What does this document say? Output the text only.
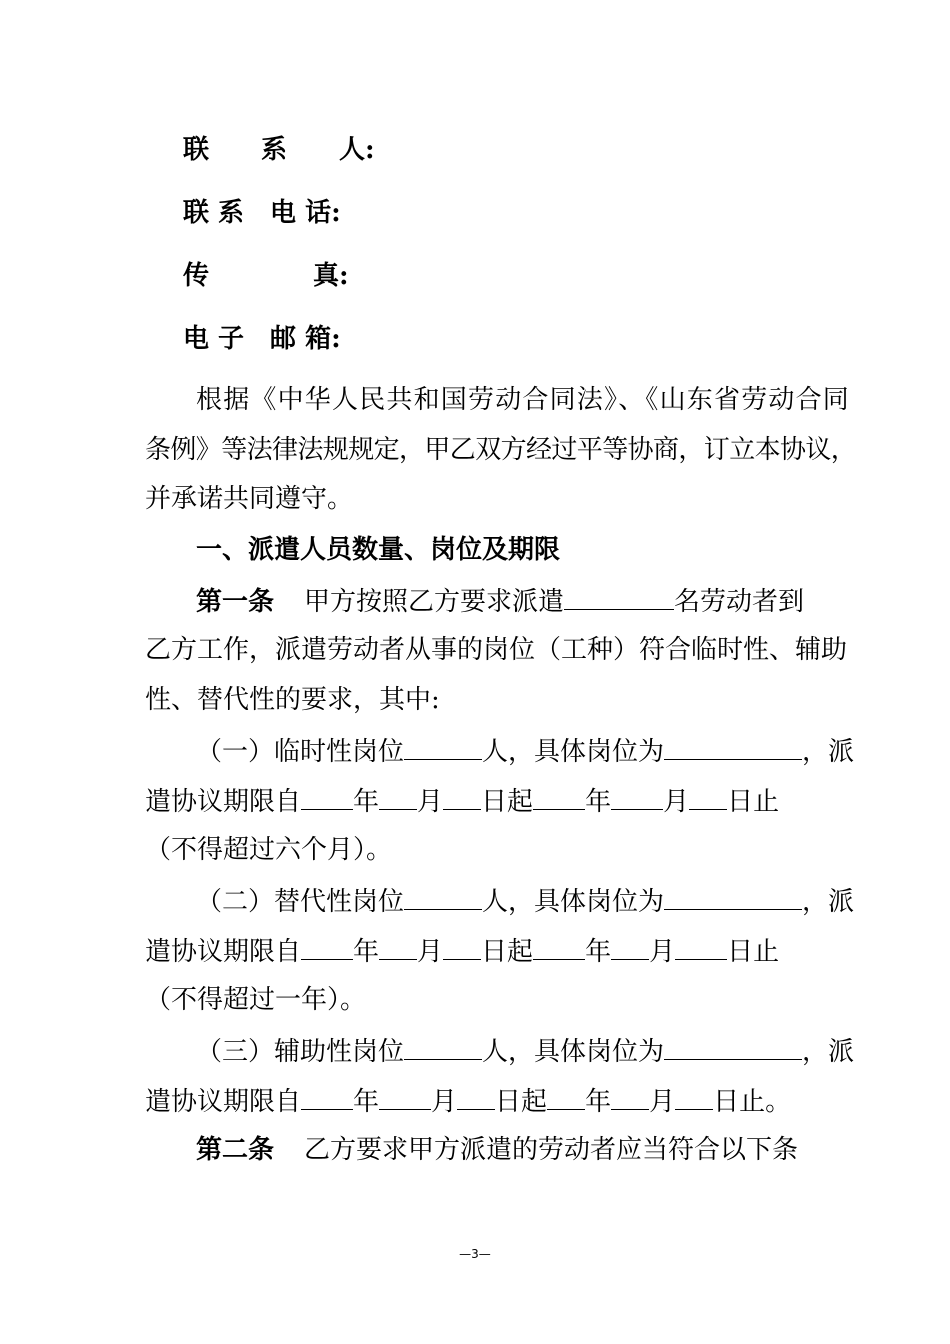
联　　系　　人:
联 系　电 话:
传　　　　真:
电 子　邮 箱:
根据《中华人民共和国劳动合同法》、《山东省劳动合同
条例》等法律法规规定，甲乙双方经过平等协商，订立本协议，
并承诺共同遵守。
一、派遣人员数量、岗位及期限
第一条 甲方按照乙方要求派遣	名劳动者到
乙方工作，派遣劳动者从事的岗位（工种）符合临时性、辅助
性、替代性的要求，其中:
（一）临时性岗位	人，具体岗位为	，派
遣协议期限自 年 月 日起 年 月 日止
（不得超过六个月）。
（二）替代性岗位	人，具体岗位为	，派
遣协议期限自 年 月 日起 年 月 日止
（不得超过一年）。
（三）辅助性岗位	人，具体岗位为	，派
遣协议期限自 年 月 日起 年 月 日止。
第二条 乙方要求甲方派遣的劳动者应当符合以下条
—3—
